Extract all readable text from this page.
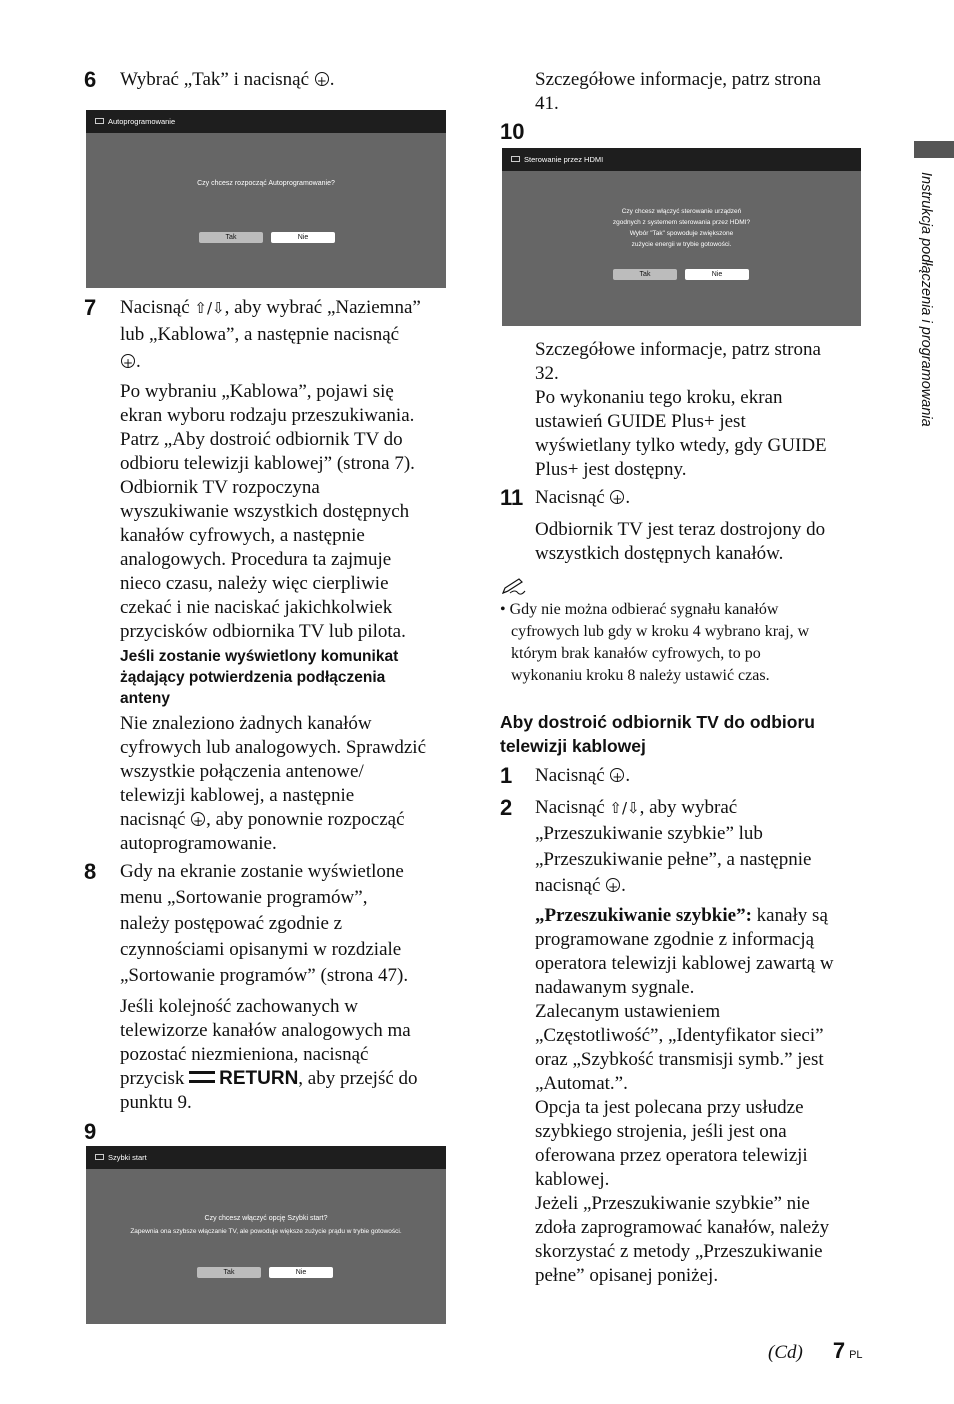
6 Wybrać „Tak” i nacisnąć +.
Autoprogramowanie
Czy chcesz rozpocząć Autoprogramowanie?
Tak	Nie
7 Nacisnąć ⇧/⇩, aby wybrać „Naziemna”

lub „Kablowa”, a następnie nacisnąć

+.

Po wybraniu „Kablowa”, pojawi się

ekran wyboru rodzaju przeszukiwania.

Patrz „Aby dostroić odbiornik TV do

odbioru telewizji kablowej” (strona 7).

Odbiornik TV rozpoczyna

wyszukiwanie wszystkich dostępnych

kanałów cyfrowych, a następnie

analogowych. Procedura ta zajmuje

nieco czasu, należy więc cierpliwie

czekać i nie naciskać jakichkolwiek

przycisków odbiornika TV lub pilota.

Jeśli zostanie wyświetlony komunikat
żądający potwierdzenia podłączenia
anteny

Nie znaleziono żadnych kanałów

cyfrowych lub analogowych. Sprawdzić

wszystkie połączenia antenowe/

telewizji kablowej, a następnie

nacisnąć +, aby ponownie rozpocząć

autoprogramowanie.

8 Gdy na ekranie zostanie wyświetlone

menu „Sortowanie programów”,

należy postępować zgodnie z

czynnościami opisanymi w rozdziale

„Sortowanie programów” (strona 47).

Jeśli kolejność zachowanych w

telewizorze kanałów analogowych ma

pozostać niezmieniona, nacisnąć

przycisk RETURN, aby przejść do

punktu 9.

9
Szybki start
Czy chcesz włączyć opcję Szybki start?
Zapewnia ona szybsze włączanie TV, ale powoduje większe zużycie prądu w trybie gotowości.
Tak	Nie

Szczegółowe informacje, patrz strona

41.

10
Sterowanie przez HDMI
Czy chcesz włączyć sterowanie urządzeń
zgodnych z systemem sterowania przez HDMI?
Wybór "Tak" spowoduje zwiększone
zużycie energii w trybie gotowości.
Tak	Nie

Szczegółowe informacje, patrz strona

32.

Po wykonaniu tego kroku, ekran

ustawień GUIDE Plus+ jest

wyświetlany tylko wtedy, gdy GUIDE

Plus+ jest dostępny.

11 Nacisnąć +.

Odbiornik TV jest teraz dostrojony do

wszystkich dostępnych kanałów.

• Gdy nie można odbierać sygnału kanałów
cyfrowych lub gdy w kroku 4 wybrano kraj, w
którym brak kanałów cyfrowych, to po
wykonaniu kroku 8 należy ustawić czas.
Aby dostroić odbiornik TV do odbioru
telewizji kablowej
1 Nacisnąć +.
2 Nacisnąć ⇧/⇩, aby wybrać

„Przeszukiwanie szybkie” lub

„Przeszukiwanie pełne”, a następnie

nacisnąć +.

„Przeszukiwanie szybkie”: kanały są

programowane zgodnie z informacją

operatora telewizji kablowej zawartą w

nadawanym sygnale.

Zalecanym ustawieniem

„Częstotliwość”, „Identyfikator sieci”

oraz „Szybkość transmisji symb.” jest

„Automat.”.

Opcja ta jest polecana przy usłudze

szybkiego strojenia, jeśli jest ona

oferowana przez operatora telewizji

kablowej.

Jeżeli „Przeszukiwanie szybkie” nie

zdoła zaprogramować kanałów, należy

skorzystać z metody „Przeszukiwanie

pełne” opisanej poniżej.

Instrukcja podłączenia i programowania
(Cd) 7 PL
